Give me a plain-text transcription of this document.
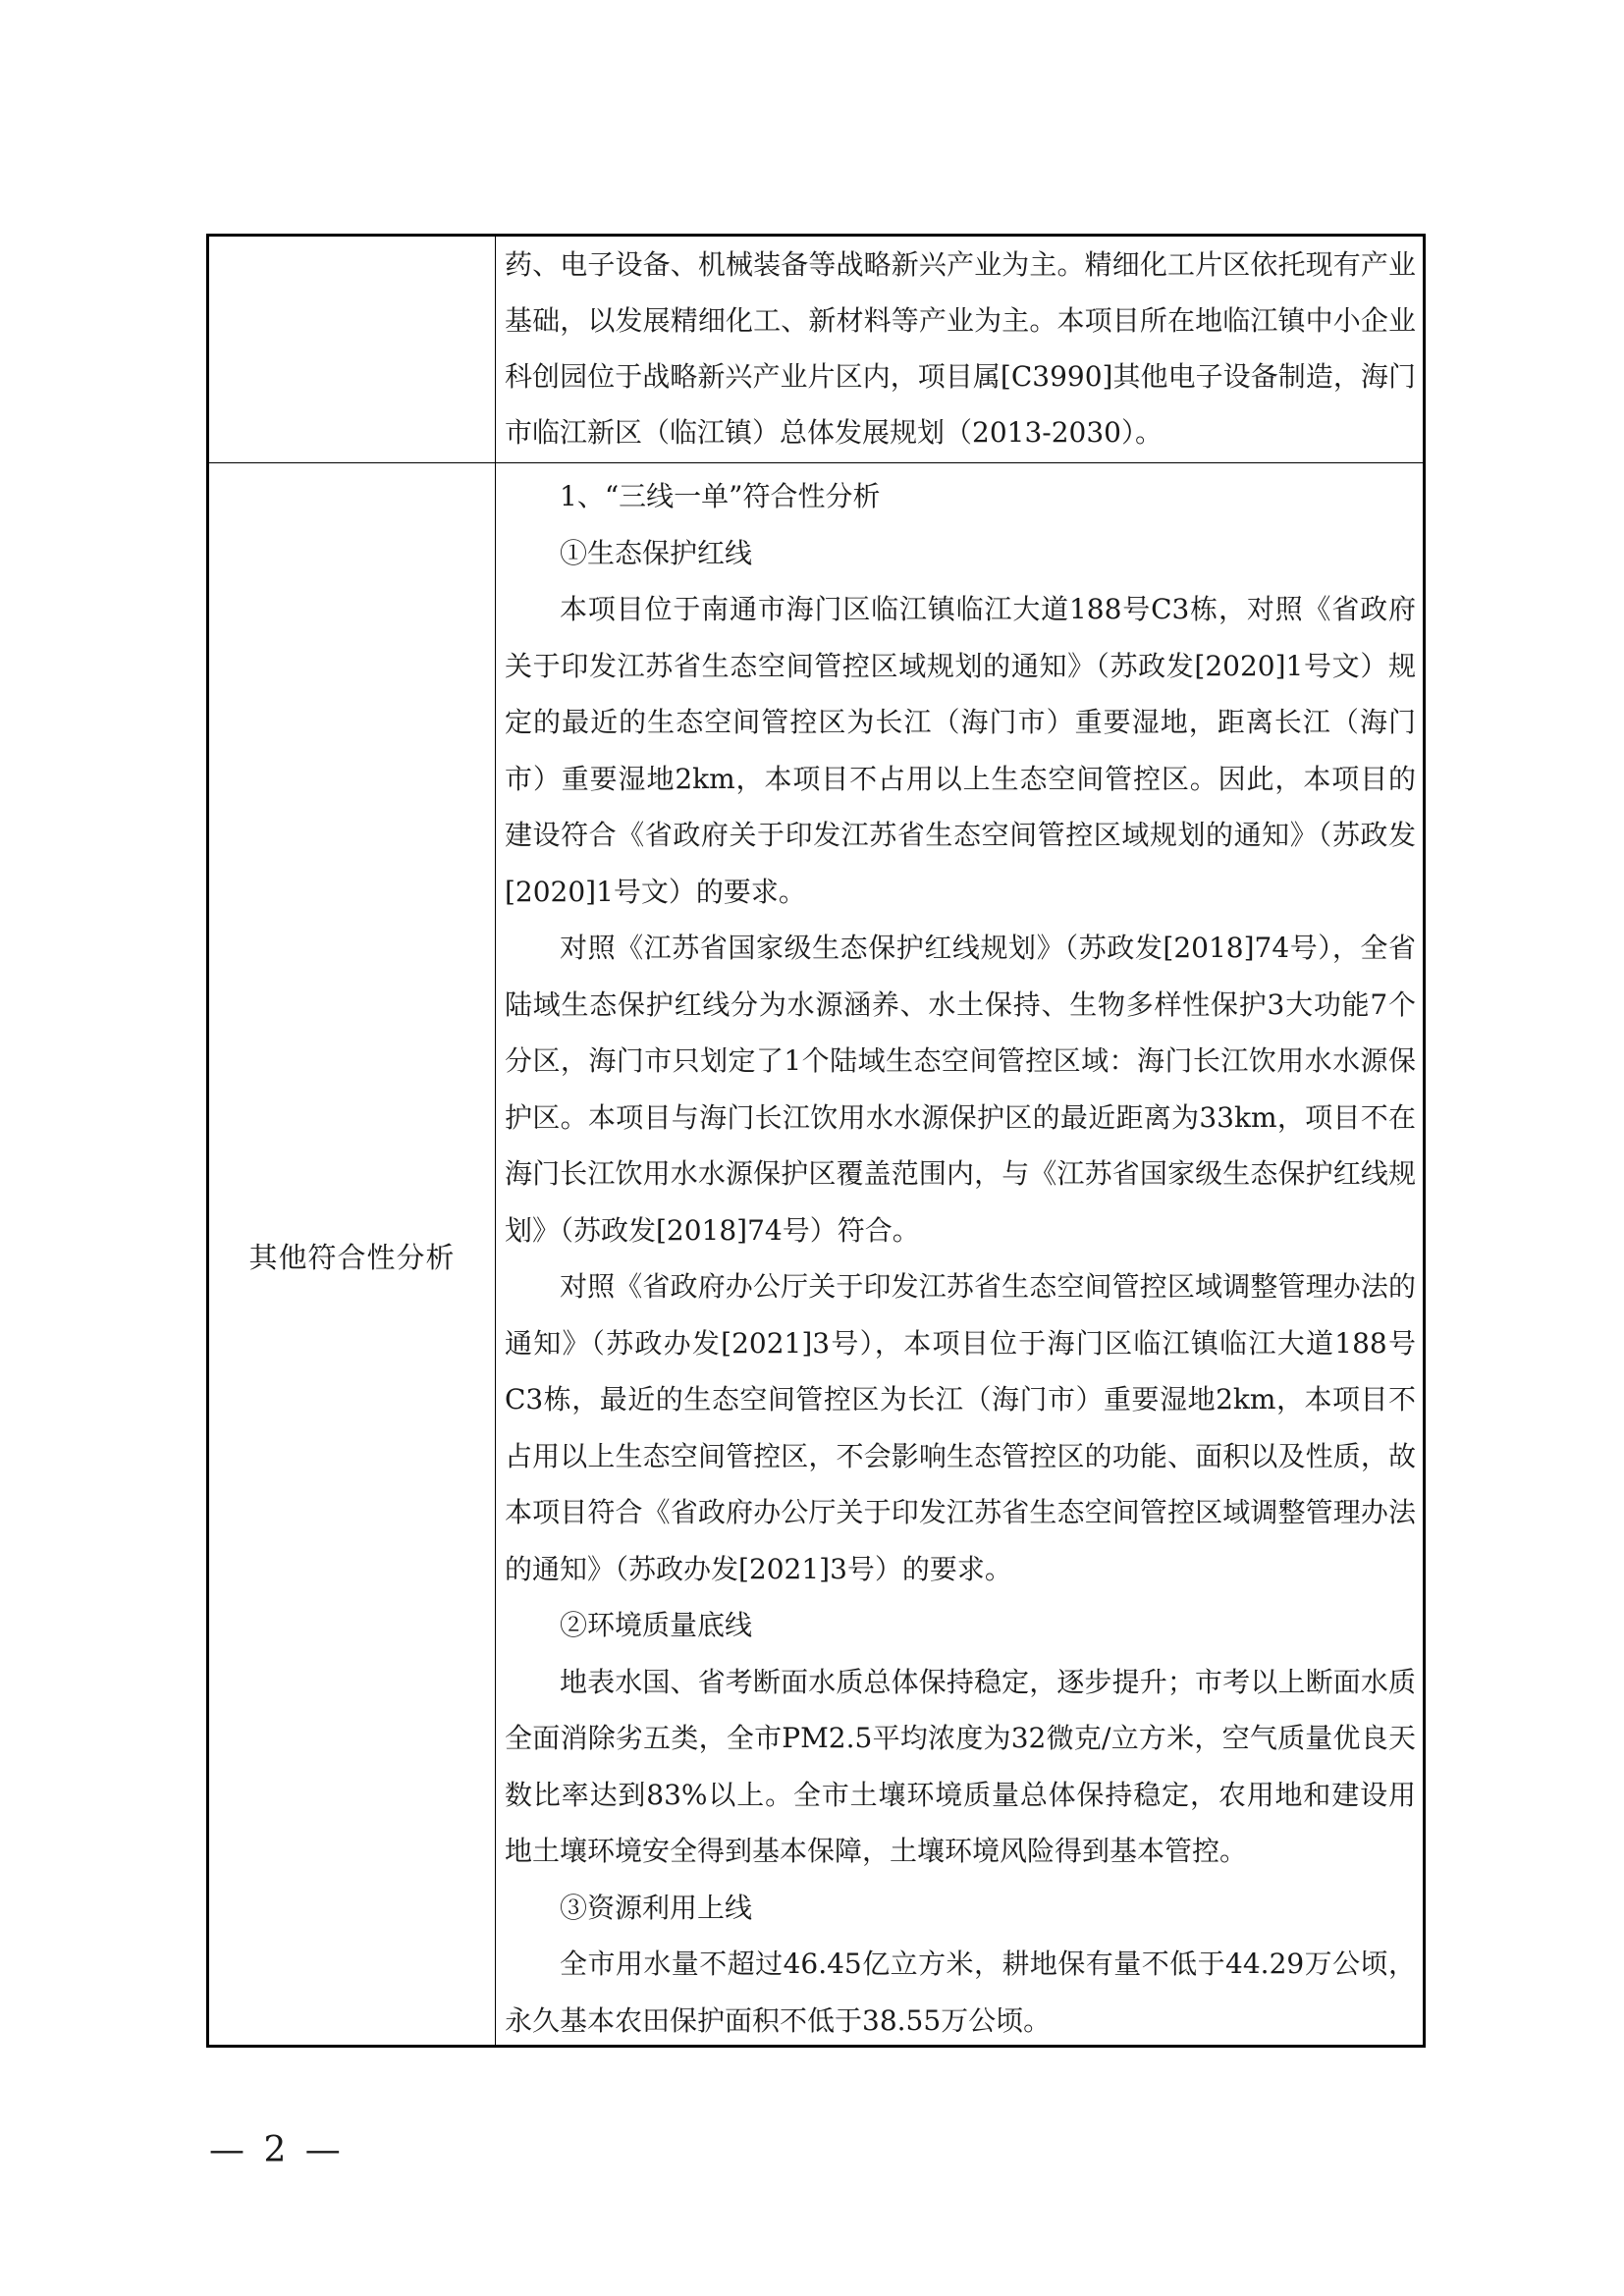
药、电子设备、机械装备等战略新兴产业为主。精细化工片区依托现有产业基础，以发展精细化工、新材料等产业为主。本项目所在地临江镇中小企业科创园位于战略新兴产业片区内，项目属[C3990]其他电子设备制造，海门市临江新区（临江镇）总体发展规划（2013-2030）。

其他符合性分析

1、“三线一单”符合性分析

①生态保护红线

本项目位于南通市海门区临江镇临江大道188号C3栋，对照《省政府关于印发江苏省生态空间管控区域规划的通知》（苏政发[2020]1号文）规定的最近的生态空间管控区为长江（海门市）重要湿地，距离长江（海门市）重要湿地2km，本项目不占用以上生态空间管控区。因此，本项目的建设符合《省政府关于印发江苏省生态空间管控区域规划的通知》（苏政发[2020]1号文）的要求。

对照《江苏省国家级生态保护红线规划》（苏政发[2018]74号），全省陆域生态保护红线分为水源涵养、水土保持、生物多样性保护3大功能7个分区，海门市只划定了1个陆域生态空间管控区域：海门长江饮用水水源保护区。本项目与海门长江饮用水水源保护区的最近距离为33km，项目不在海门长江饮用水水源保护区覆盖范围内，与《江苏省国家级生态保护红线规划》（苏政发[2018]74号）符合。

对照《省政府办公厅关于印发江苏省生态空间管控区域调整管理办法的通知》（苏政办发[2021]3号），本项目位于海门区临江镇临江大道188号C3栋，最近的生态空间管控区为长江（海门市）重要湿地2km，本项目不占用以上生态空间管控区，不会影响生态管控区的功能、面积以及性质，故本项目符合《省政府办公厅关于印发江苏省生态空间管控区域调整管理办法的通知》（苏政办发[2021]3号）的要求。

②环境质量底线

地表水国、省考断面水质总体保持稳定，逐步提升；市考以上断面水质全面消除劣五类，全市PM2.5平均浓度为32微克/立方米，空气质量优良天数比率达到83%以上。全市土壤环境质量总体保持稳定，农用地和建设用地土壤环境安全得到基本保障，土壤环境风险得到基本管控。

③资源利用上线

全市用水量不超过46.45亿立方米，耕地保有量不低于44.29万公顷，永久基本农田保护面积不低于38.55万公顷。

— 2 —
